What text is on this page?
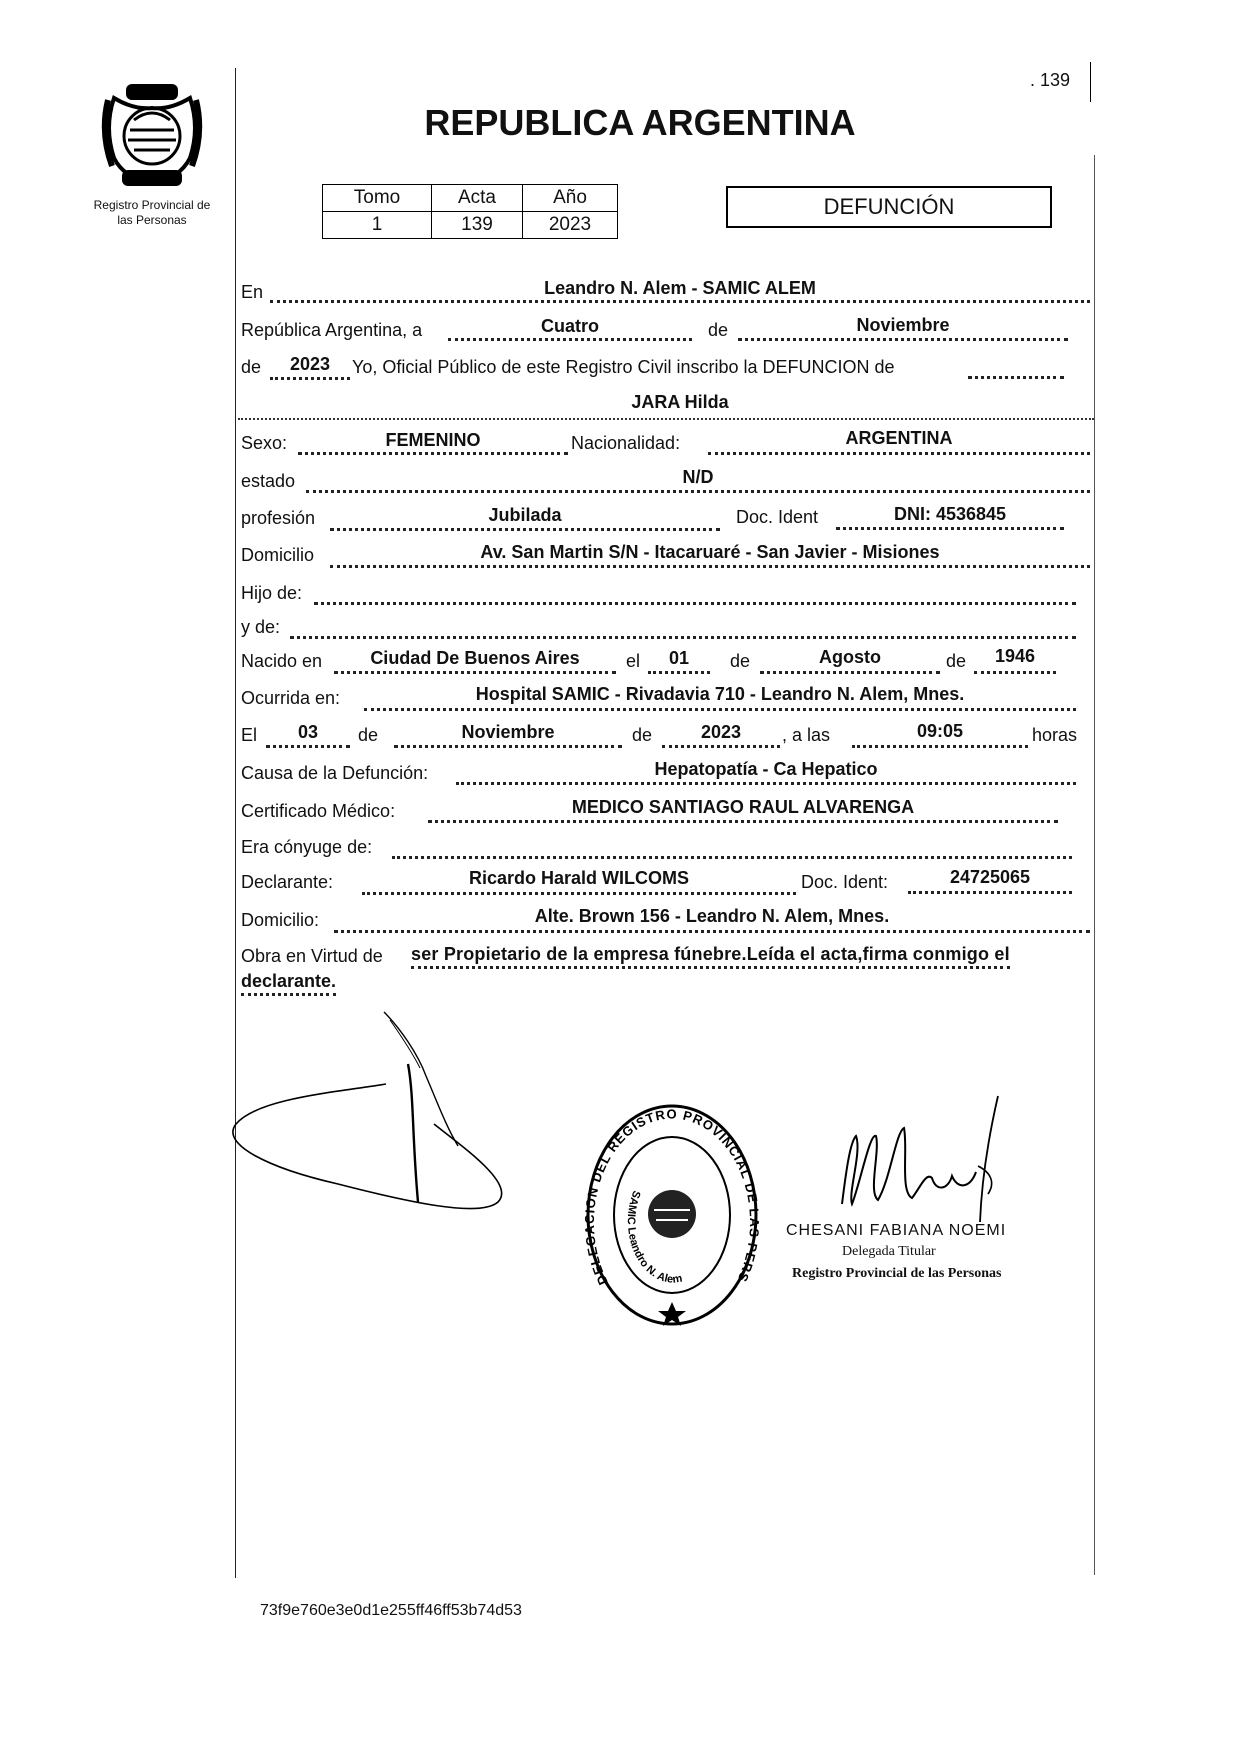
. 139
Registro Provincial de
las Personas
REPUBLICA ARGENTINA
Tomo	Acta	Año
1	139	2023
DEFUNCIÓN
En	Leandro N. Alem - SAMIC ALEM
República Argentina, a	Cuatro	de	Noviembre
de	2023	Yo, Oficial Público de este Registro Civil inscribo la DEFUNCION de
JARA Hilda
Sexo:	FEMENINO	Nacionalidad:	ARGENTINA
estado	N/D
profesión	Jubilada	Doc. Ident	DNI: 4536845
Domicilio	Av. San Martin S/N - Itacaruaré - San Javier - Misiones
Hijo de:
y de:
Nacido en	Ciudad De Buenos Aires	el	01	de	Agosto	de	1946
Ocurrida en:	Hospital SAMIC - Rivadavia 710 - Leandro N. Alem, Mnes.
El	03	de	Noviembre	de	2023	, a las	09:05	horas
Causa de la Defunción:	Hepatopatía - Ca Hepatico
Certificado Médico:	MEDICO SANTIAGO RAUL ALVARENGA
Era cónyuge de:
Declarante:	Ricardo Harald WILCOMS	Doc. Ident:	24725065
Domicilio:	Alte. Brown 156 - Leandro N. Alem, Mnes.
Obra en Virtud de ser Propietario de la empresa fúnebre.Leída el acta,firma conmigo el
declarante.
DELEG ON DEL REGISTRO PROVINCIAL DE PERS
SAMIC Leandro N. Alem
CHESANI FABIANA NOEMI
Delegada Titular
Registro Provincial de las Personas
73f9e760e3e0d1e255ff46ff53b74d53
